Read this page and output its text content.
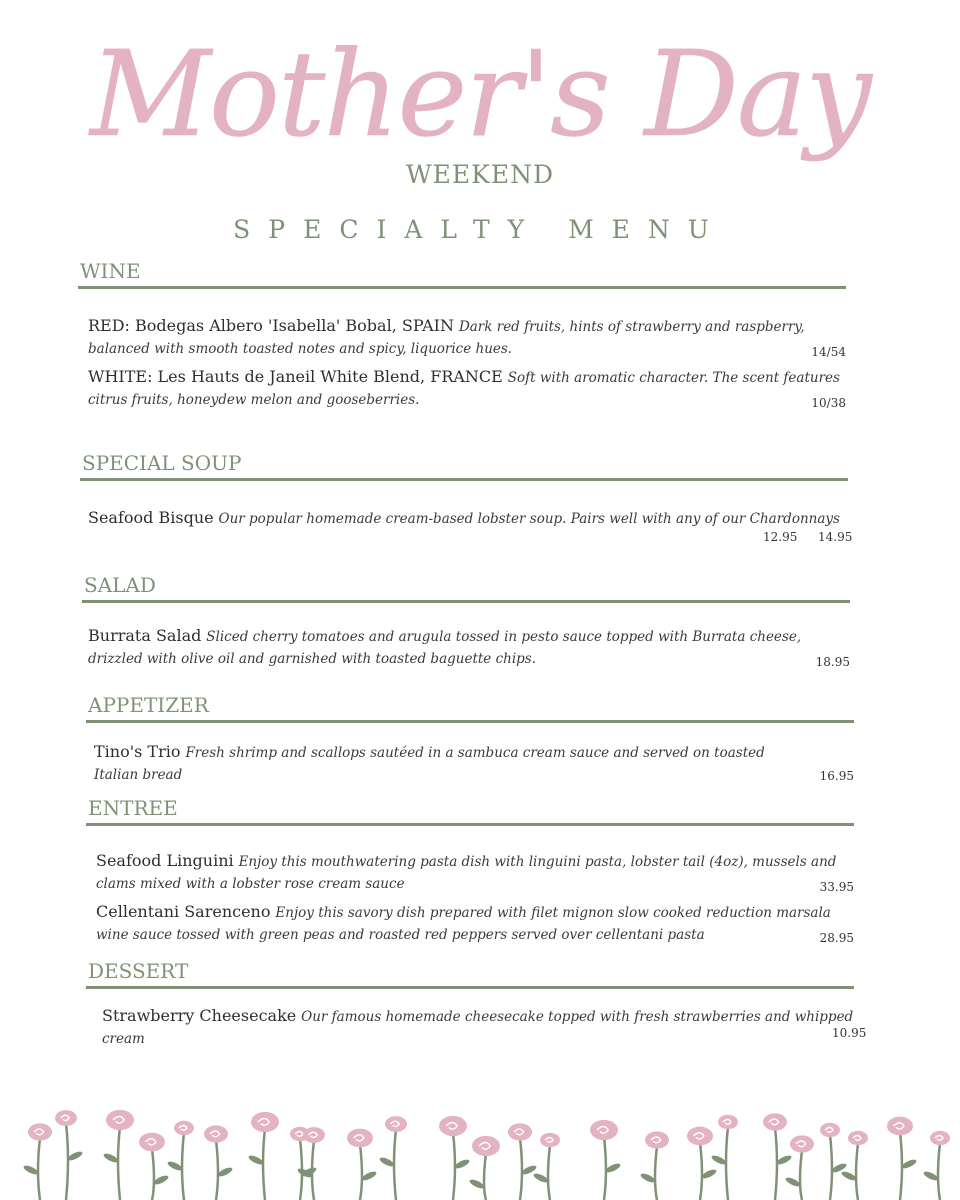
Mother's Day
WEEKEND
SPECIALTY MENU
WINE
RED: Bodegas Albero 'Isabella' Bobal, SPAIN Dark red fruits, hints of strawberry and raspberry, balanced with smooth toasted notes and spicy, liquorice hues.	14/54
WHITE: Les Hauts de Janeil White Blend, FRANCE Soft with aromatic character. The scent features citrus fruits, honeydew melon and gooseberries.	10/38
SPECIAL SOUP
Seafood Bisque Our popular homemade cream-based lobster soup. Pairs well with any of our Chardonnays
12.95 14.95
SALAD
Burrata Salad Sliced cherry tomatoes and arugula tossed in pesto sauce topped with Burrata cheese, drizzled with olive oil and garnished with toasted baguette chips.	18.95
APPETIZER
Tino's Trio Fresh shrimp and scallops sautéed in a sambuca cream sauce and served on toasted Italian bread	16.95
ENTREE
Seafood Linguini Enjoy this mouthwatering pasta dish with linguini pasta, lobster tail (4oz), mussels and clams mixed with a lobster rose cream sauce	33.95
Cellentani Sarenceno Enjoy this savory dish prepared with filet mignon slow cooked reduction marsala wine sauce tossed with green peas and roasted red peppers served over cellentani pasta	28.95
DESSERT
Strawberry Cheesecake Our famous homemade cheesecake topped with fresh strawberries and whipped cream	10.95
